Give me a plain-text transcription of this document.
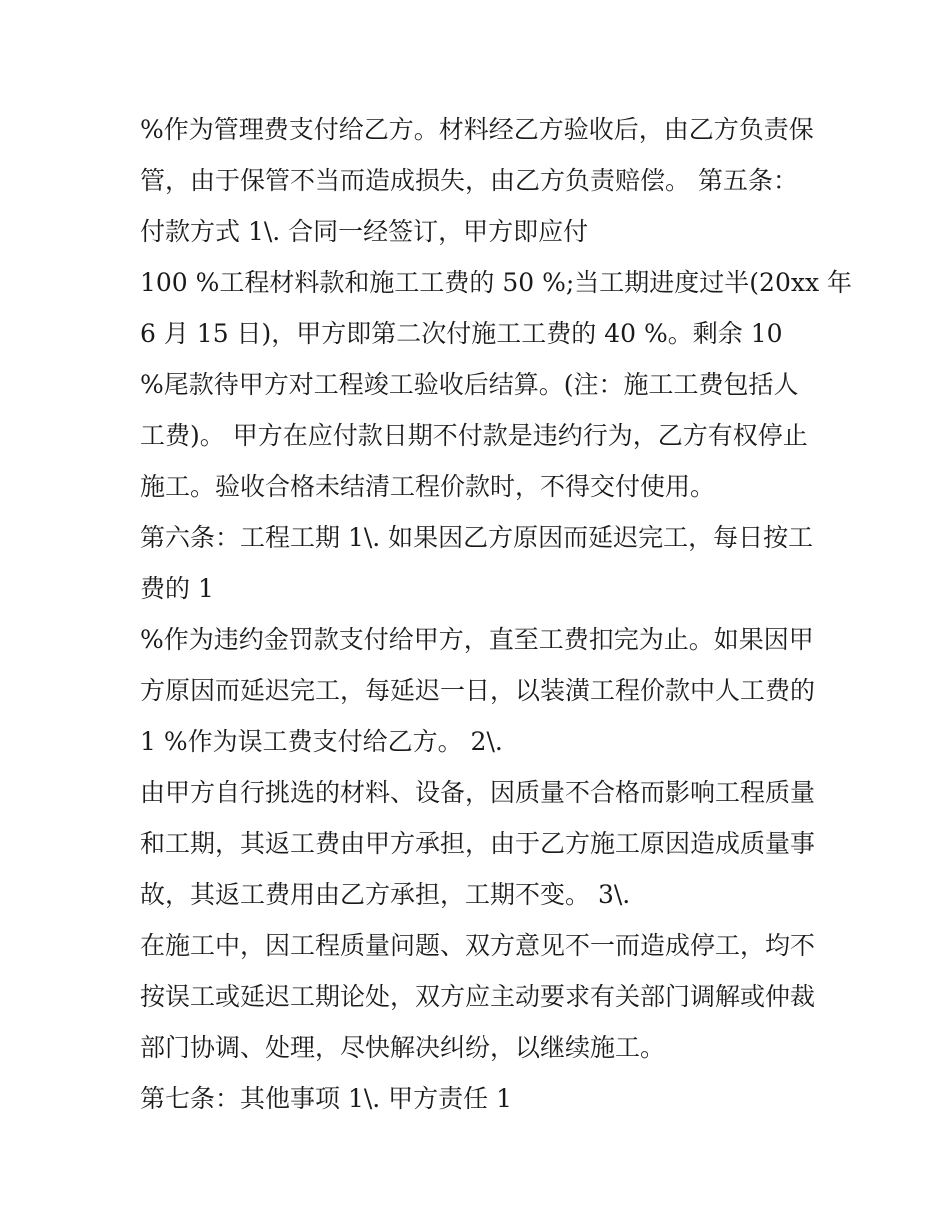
%作为管理费支付给乙方。材料经乙方验收后，由乙方负责保
管，由于保管不当而造成损失，由乙方负责赔偿。 第五条：
付款方式 1\. 合同一经签订，甲方即应付
100 %工程材料款和施工工费的 50 %;当工期进度过半(20xx 年
6 月 15 日)，甲方即第二次付施工工费的 40 %。剩余 10
%尾款待甲方对工程竣工验收后结算。(注：施工工费包括人
工费)。 甲方在应付款日期不付款是违约行为，乙方有权停止
施工。验收合格未结清工程价款时，不得交付使用。
第六条：工程工期 1\. 如果因乙方原因而延迟完工，每日按工
费的 1
%作为违约金罚款支付给甲方，直至工费扣完为止。如果因甲
方原因而延迟完工，每延迟一日，以装潢工程价款中人工费的
1 %作为误工费支付给乙方。 2\.
由甲方自行挑选的材料、设备，因质量不合格而影响工程质量
和工期，其返工费由甲方承担，由于乙方施工原因造成质量事
故，其返工费用由乙方承担，工期不变。 3\.
在施工中，因工程质量问题、双方意见不一而造成停工，均不
按误工或延迟工期论处，双方应主动要求有关部门调解或仲裁
部门协调、处理，尽快解决纠纷，以继续施工。
第七条：其他事项 1\. 甲方责任 1
